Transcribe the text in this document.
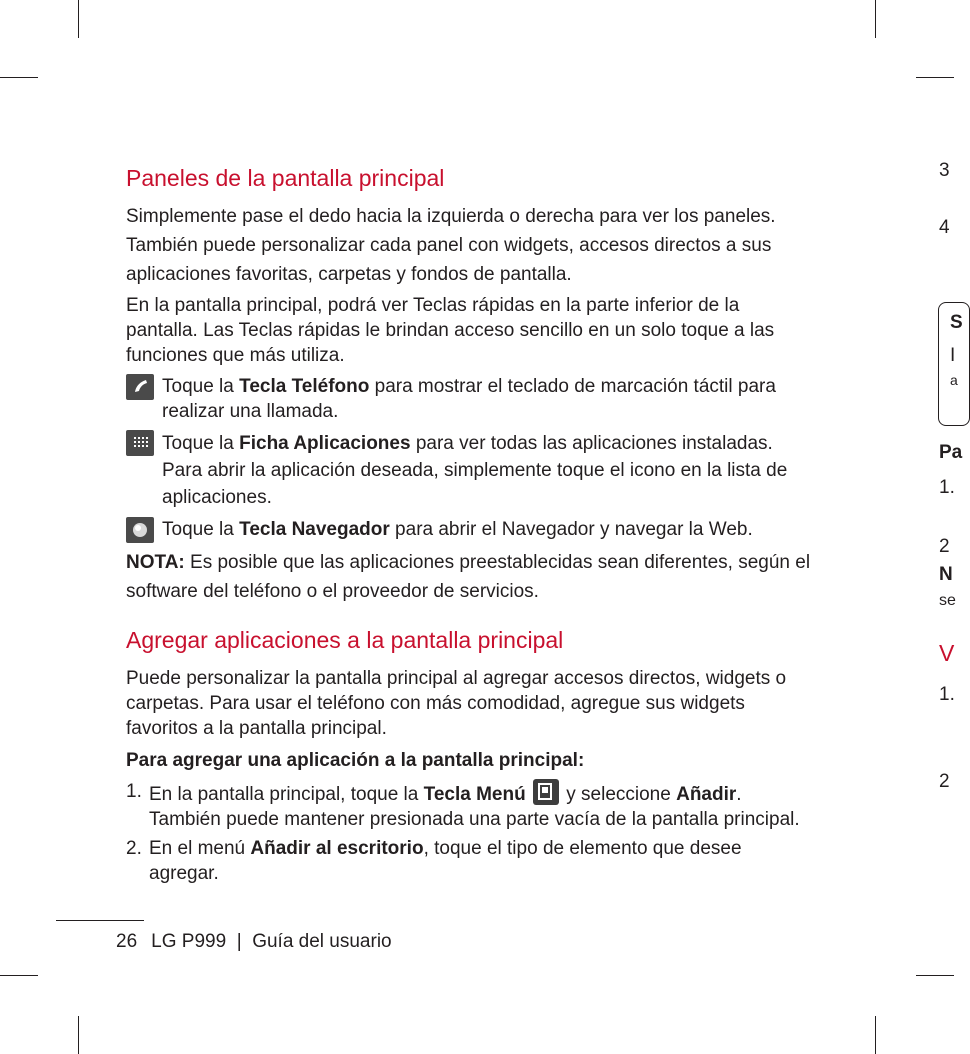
Paneles de la pantalla principal

Simplemente pase el dedo hacia la izquierda o derecha para ver los paneles. También puede personalizar cada panel con widgets, accesos directos a sus aplicaciones favoritas, carpetas y fondos de pantalla.

En la pantalla principal, podrá ver Teclas rápidas en la parte inferior de la pantalla. Las Teclas rápidas le brindan acceso sencillo en un solo toque a las funciones que más utiliza.

Toque la Tecla Teléfono para mostrar el teclado de marcación táctil para realizar una llamada.
Toque la Ficha Aplicaciones para ver todas las aplicaciones instaladas. Para abrir la aplicación deseada, simplemente toque el icono en la lista de aplicaciones.
Toque la Tecla Navegador para abrir el Navegador y navegar la Web.

NOTA: Es posible que las aplicaciones preestablecidas sean diferentes, según el software del teléfono o el proveedor de servicios.

Agregar aplicaciones a la pantalla principal

Puede personalizar la pantalla principal al agregar accesos directos, widgets o carpetas. Para usar el teléfono con más comodidad, agregue sus widgets favoritos a la pantalla principal.

Para agregar una aplicación a la pantalla principal:

1. En la pantalla principal, toque la Tecla Menú  y seleccione Añadir. También puede mantener presionada una parte vacía de la pantalla principal.
2. En el menú Añadir al escritorio, toque el tipo de elemento que desee agregar.
26 LG P999  |  Guía del usuario
3
4
S
I
a
Pa
1.
2
N
se
V
1.
2
